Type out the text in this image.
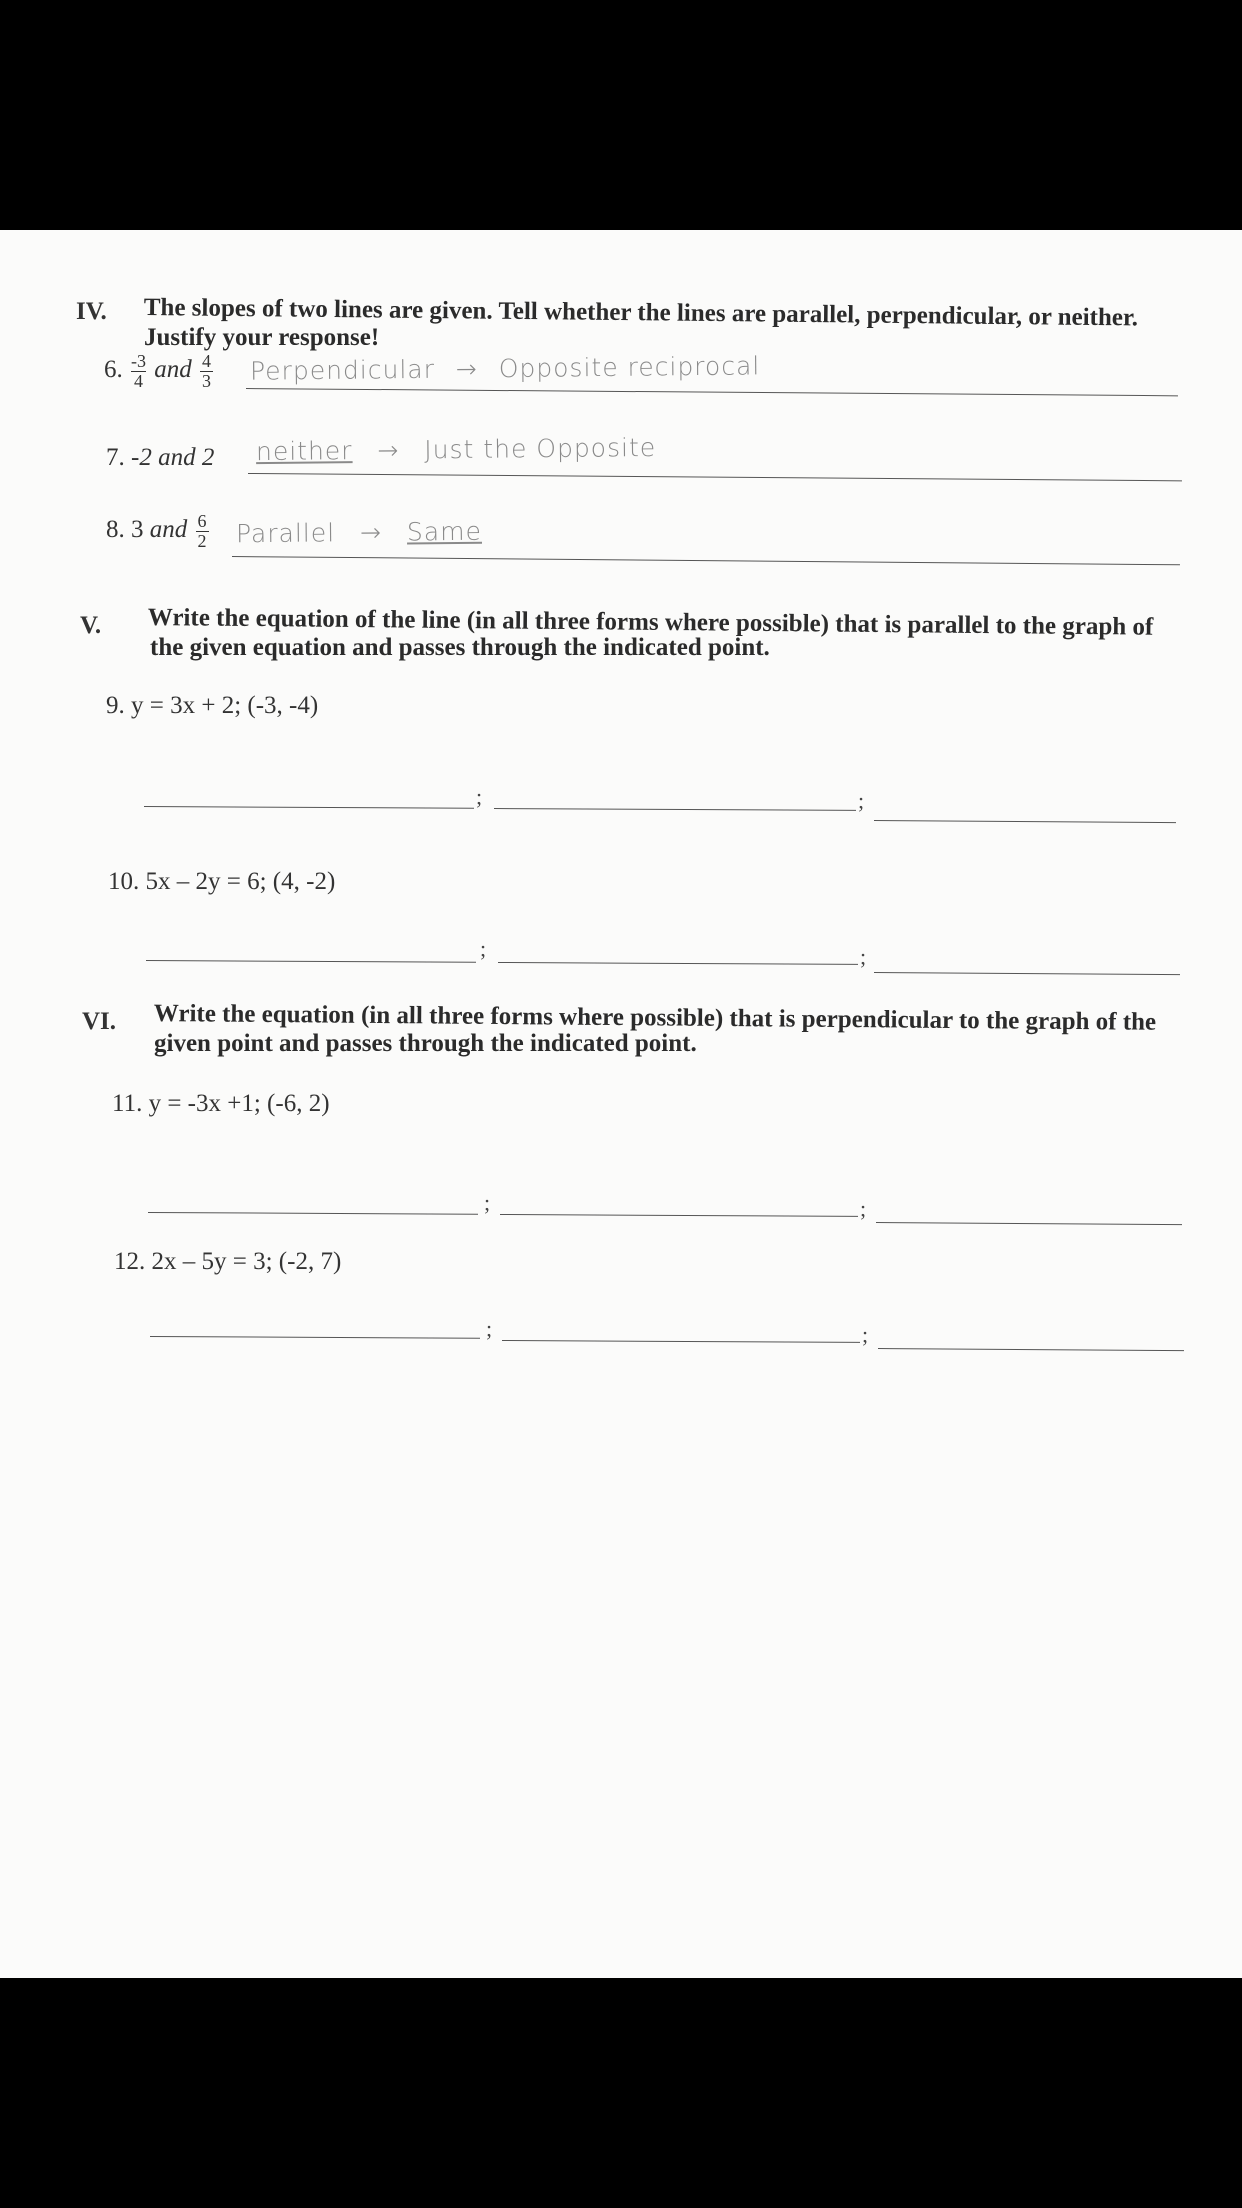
IV. The slopes of two lines are given. Tell whether the lines are parallel, perpendicular, or neither.
Justify your response!
6. $\frac{-3}{4}$ and $\frac{4}{3}$ Perpendicular → Opposite reciprocal
7. -2 and 2 neither → Just the Opposite
8. 3 and $\frac{6}{2}$ Parallel → Same
V. Write the equation of the line (in all three forms where possible) that is parallel to the graph of
the given equation and passes through the indicated point.
9. y = 3x + 2; (-3, -4)
;	;
10. 5x – 2y = 6; (4, -2)
;	;
VI. Write the equation (in all three forms where possible) that is perpendicular to the graph of the
given point and passes through the indicated point.
11. y = -3x +1; (-6, 2)
;	;
12. 2x – 5y = 3; (-2, 7)
;	;
